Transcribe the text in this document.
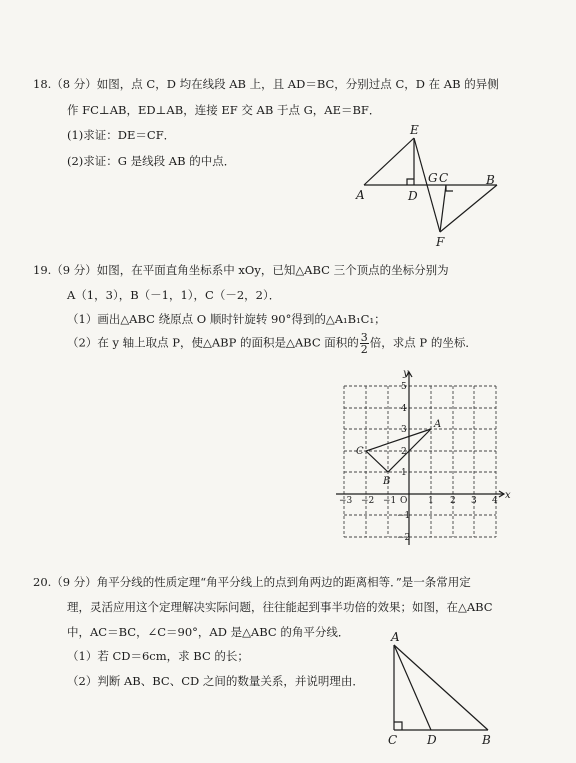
18.（8 分）如图，点 C，D 均在线段 AB 上，且 AD＝BC，分别过点 C，D 在 AB 的异侧
作 FC⊥AB，ED⊥AB，连接 EF 交 AB 于点 G，AE＝BF．
(1)求证：DE＝CF．
(2)求证：G 是线段 AB 的中点．
E
A	D
G C	B
F
19.（9 分）如图，在平面直角坐标系中 xOy，已知△ABC 三个顶点的坐标分别为
A（1，3），B（－1，1），C（－2，2）．
（1）画出△ABC 绕原点 O 顺时针旋转 90°得到的△A₁B₁C₁；
（2）在 y 轴上取点 P，使△ABP 的面积是△ABC 面积的 $\frac{3}{2}$ 倍，求点 P 的坐标．
−3 −2 −1	1 2 3 4
5
4
3
2
1
−1
−2
O	x
y
A
B
C
20.（9 分）角平分线的性质定理“角平分线上的点到角两边的距离相等．”是一条常用定
理，灵活应用这个定理解决实际问题，往往能起到事半功倍的效果；如图，在△ABC
中，AC＝BC，∠C＝90°，AD 是△ABC 的角平分线．
（1）若 CD＝6cm，求 BC 的长；
（2）判断 AB、BC、CD 之间的数量关系，并说明理由．
A
C D	B
